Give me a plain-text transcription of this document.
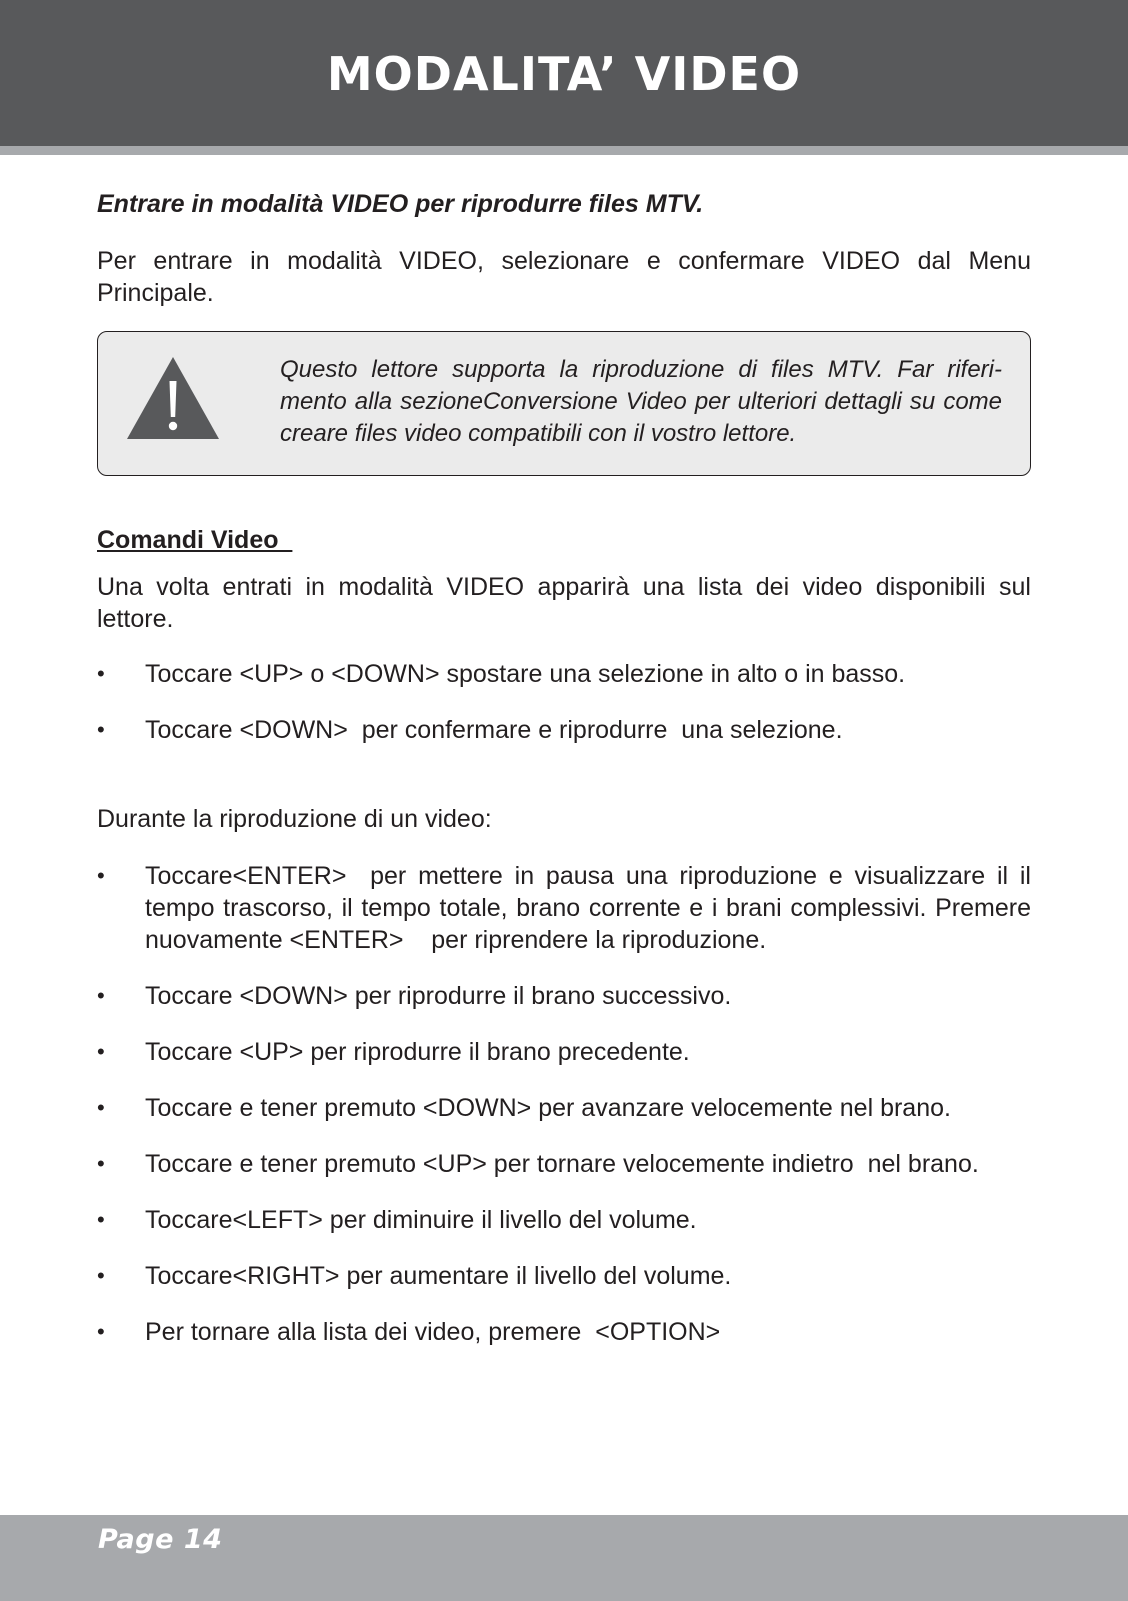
MODALITA’ VIDEO
Entrare in modalità VIDEO per riprodurre files MTV.
Per entrare in modalità VIDEO, selezionare e confermare VIDEO dal Menu Principale.
Questo lettore supporta la riproduzione di files MTV. Far riferi-mento alla sezioneConversione Video per ulteriori dettagli su come creare files video compatibili con il vostro lettore.
Comandi Video
Una volta entrati in modalità VIDEO apparirà una lista dei video disponibili sul lettore.
•	Toccare <UP> o <DOWN> spostare una selezione in alto o in basso.
•	Toccare <DOWN>  per confermare e riprodurre  una selezione.
Durante la riproduzione di un video:
•	Toccare<ENTER>  per mettere in pausa una riproduzione e visualizzare il il tempo trascorso, il tempo totale, brano corrente e i brani complessivi. Premere nuovamente <ENTER>    per riprendere la riproduzione.
•	Toccare <DOWN> per riprodurre il brano successivo.
•	Toccare <UP> per riprodurre il brano precedente.
•	Toccare e tener premuto <DOWN> per avanzare velocemente nel brano.
•	Toccare e tener premuto <UP> per tornare velocemente indietro  nel brano.
•	Toccare<LEFT> per diminuire il livello del volume.
•	Toccare<RIGHT> per aumentare il livello del volume.
•	Per tornare alla lista dei video, premere  <OPTION>
Page 14
